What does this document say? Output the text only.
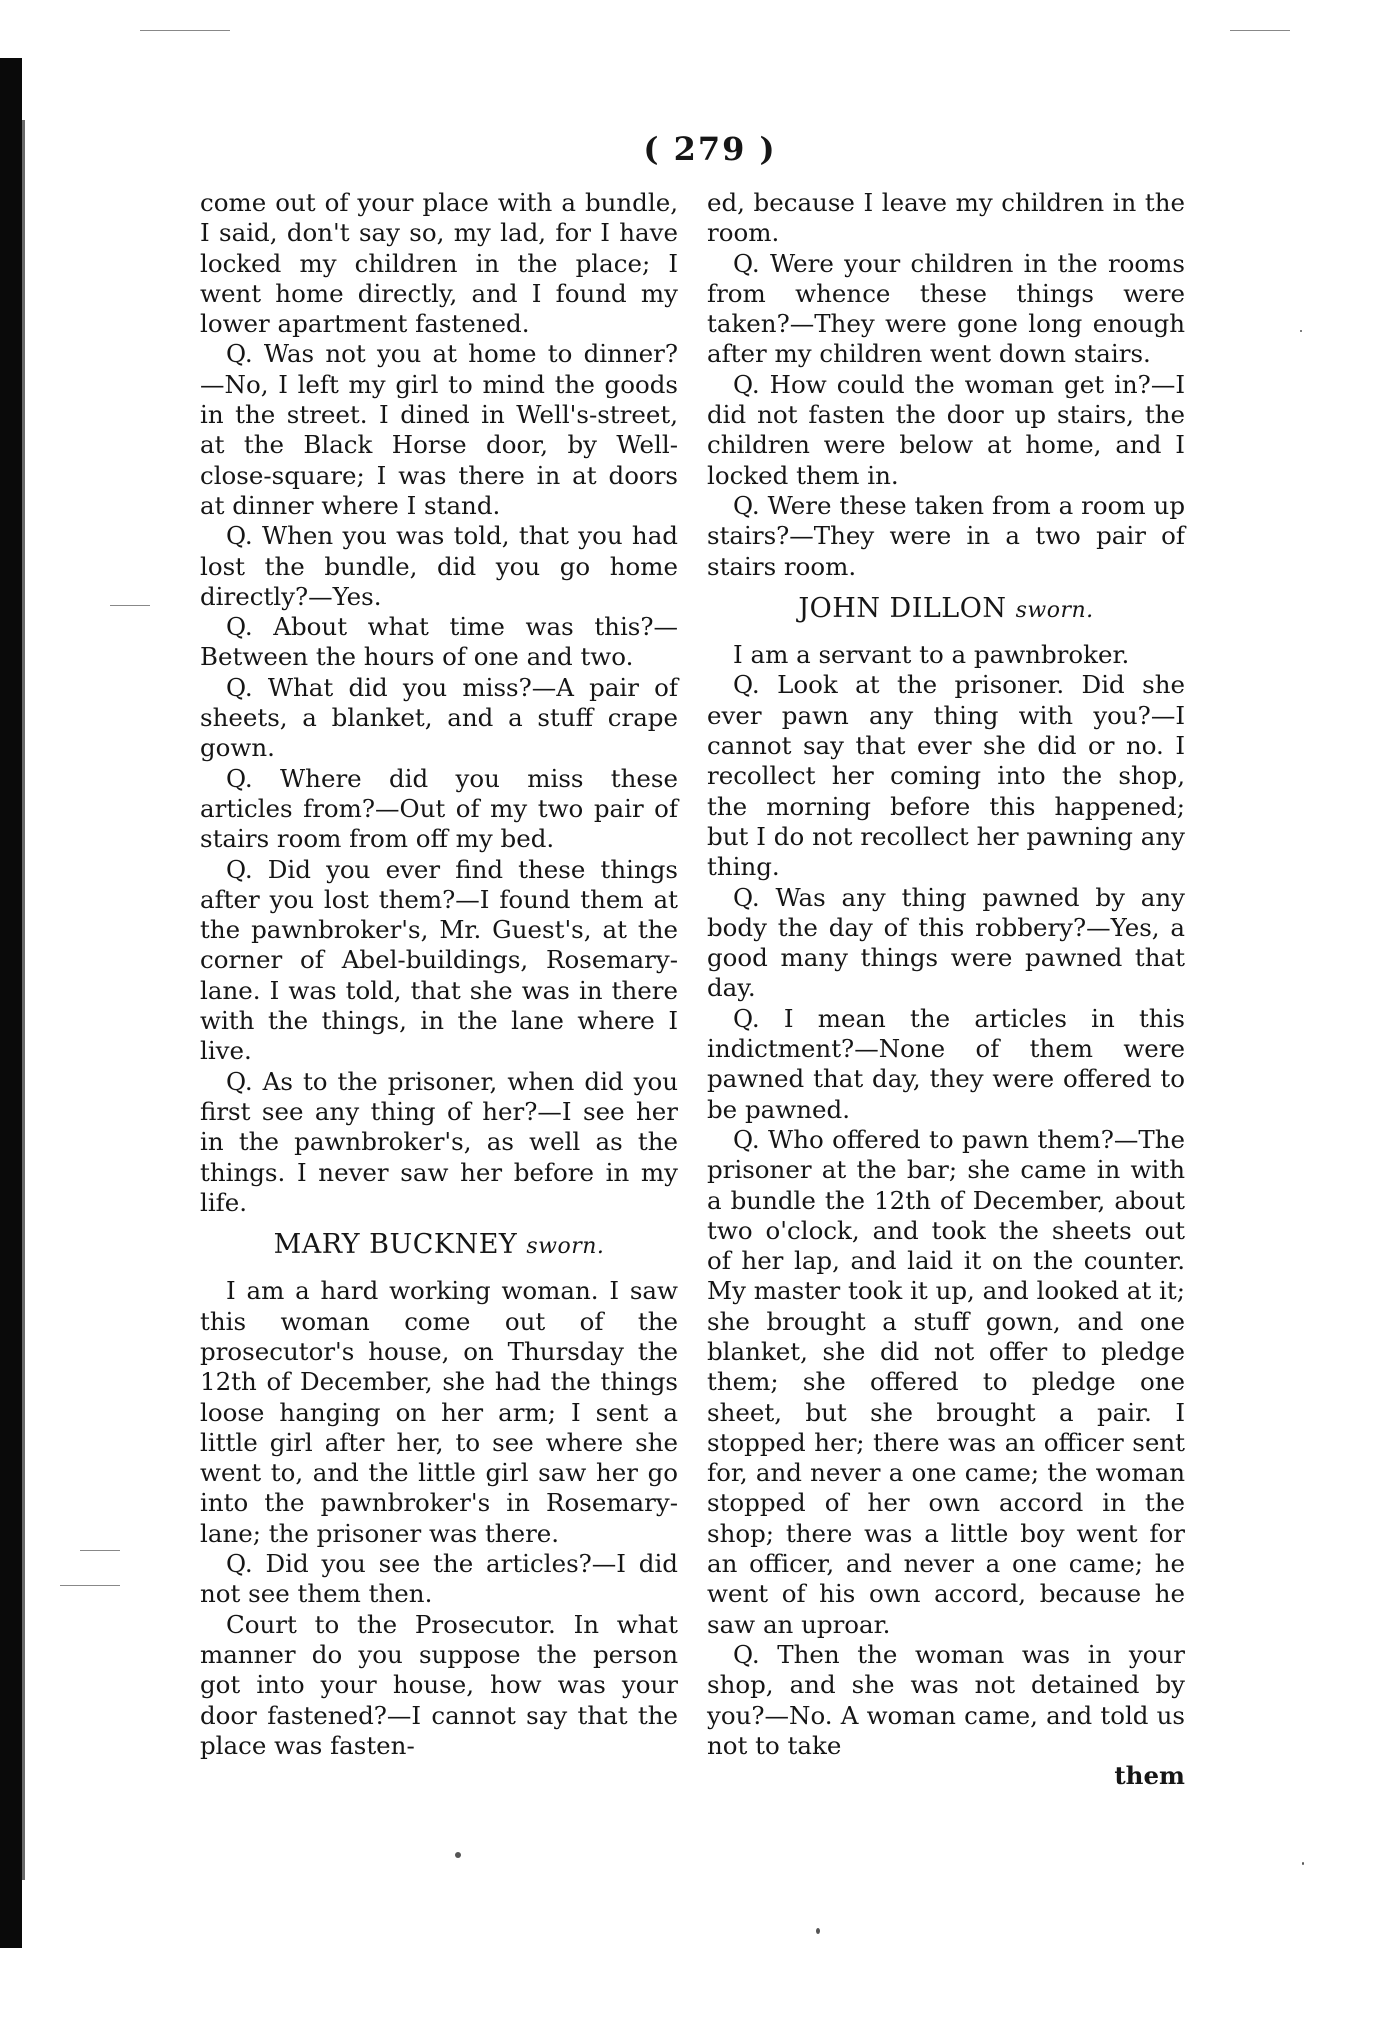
( 279 )

come out of your place with a bundle, I said, don't say so, my lad, for I have locked my children in the place; I went home directly, and I found my lower apartment fastened.

Q. Was not you at home to dinner?—No, I left my girl to mind the goods in the street. I dined in Well's-street, at the Black Horse door, by Well-close-square; I was there in at doors at dinner where I stand.

Q. When you was told, that you had lost the bundle, did you go home directly?—Yes.

Q. About what time was this?—Between the hours of one and two.

Q. What did you miss?—A pair of sheets, a blanket, and a stuff crape gown.

Q. Where did you miss these articles from?—Out of my two pair of stairs room from off my bed.

Q. Did you ever find these things after you lost them?—I found them at the pawnbroker's, Mr. Guest's, at the corner of Abel-buildings, Rosemary-lane. I was told, that she was in there with the things, in the lane where I live.

Q. As to the prisoner, when did you first see any thing of her?—I see her in the pawnbroker's, as well as the things. I never saw her before in my life.

MARY BUCKNEY sworn.

I am a hard working woman. I saw this woman come out of the prosecutor's house, on Thursday the 12th of December, she had the things loose hanging on her arm; I sent a little girl after her, to see where she went to, and the little girl saw her go into the pawnbroker's in Rosemary-lane; the prisoner was there.

Q. Did you see the articles?—I did not see them then.

Court to the Prosecutor. In what manner do you suppose the person got into your house, how was your door fastened?—I cannot say that the place was fasten-

ed, because I leave my children in the room.

Q. Were your children in the rooms from whence these things were taken?—They were gone long enough after my children went down stairs.

Q. How could the woman get in?—I did not fasten the door up stairs, the children were below at home, and I locked them in.

Q. Were these taken from a room up stairs?—They were in a two pair of stairs room.

JOHN DILLON sworn.

I am a servant to a pawnbroker.

Q. Look at the prisoner. Did she ever pawn any thing with you?—I cannot say that ever she did or no. I recollect her coming into the shop, the morning before this happened; but I do not recollect her pawning any thing.

Q. Was any thing pawned by any body the day of this robbery?—Yes, a good many things were pawned that day.

Q. I mean the articles in this indictment?—None of them were pawned that day, they were offered to be pawned.

Q. Who offered to pawn them?—The prisoner at the bar; she came in with a bundle the 12th of December, about two o'clock, and took the sheets out of her lap, and laid it on the counter. My master took it up, and looked at it; she brought a stuff gown, and one blanket, she did not offer to pledge them; she offered to pledge one sheet, but she brought a pair. I stopped her; there was an officer sent for, and never a one came; the woman stopped of her own accord in the shop; there was a little boy went for an officer, and never a one came; he went of his own accord, because he saw an uproar.

Q. Then the woman was in your shop, and she was not detained by you?—No. A woman came, and told us not to take

them
